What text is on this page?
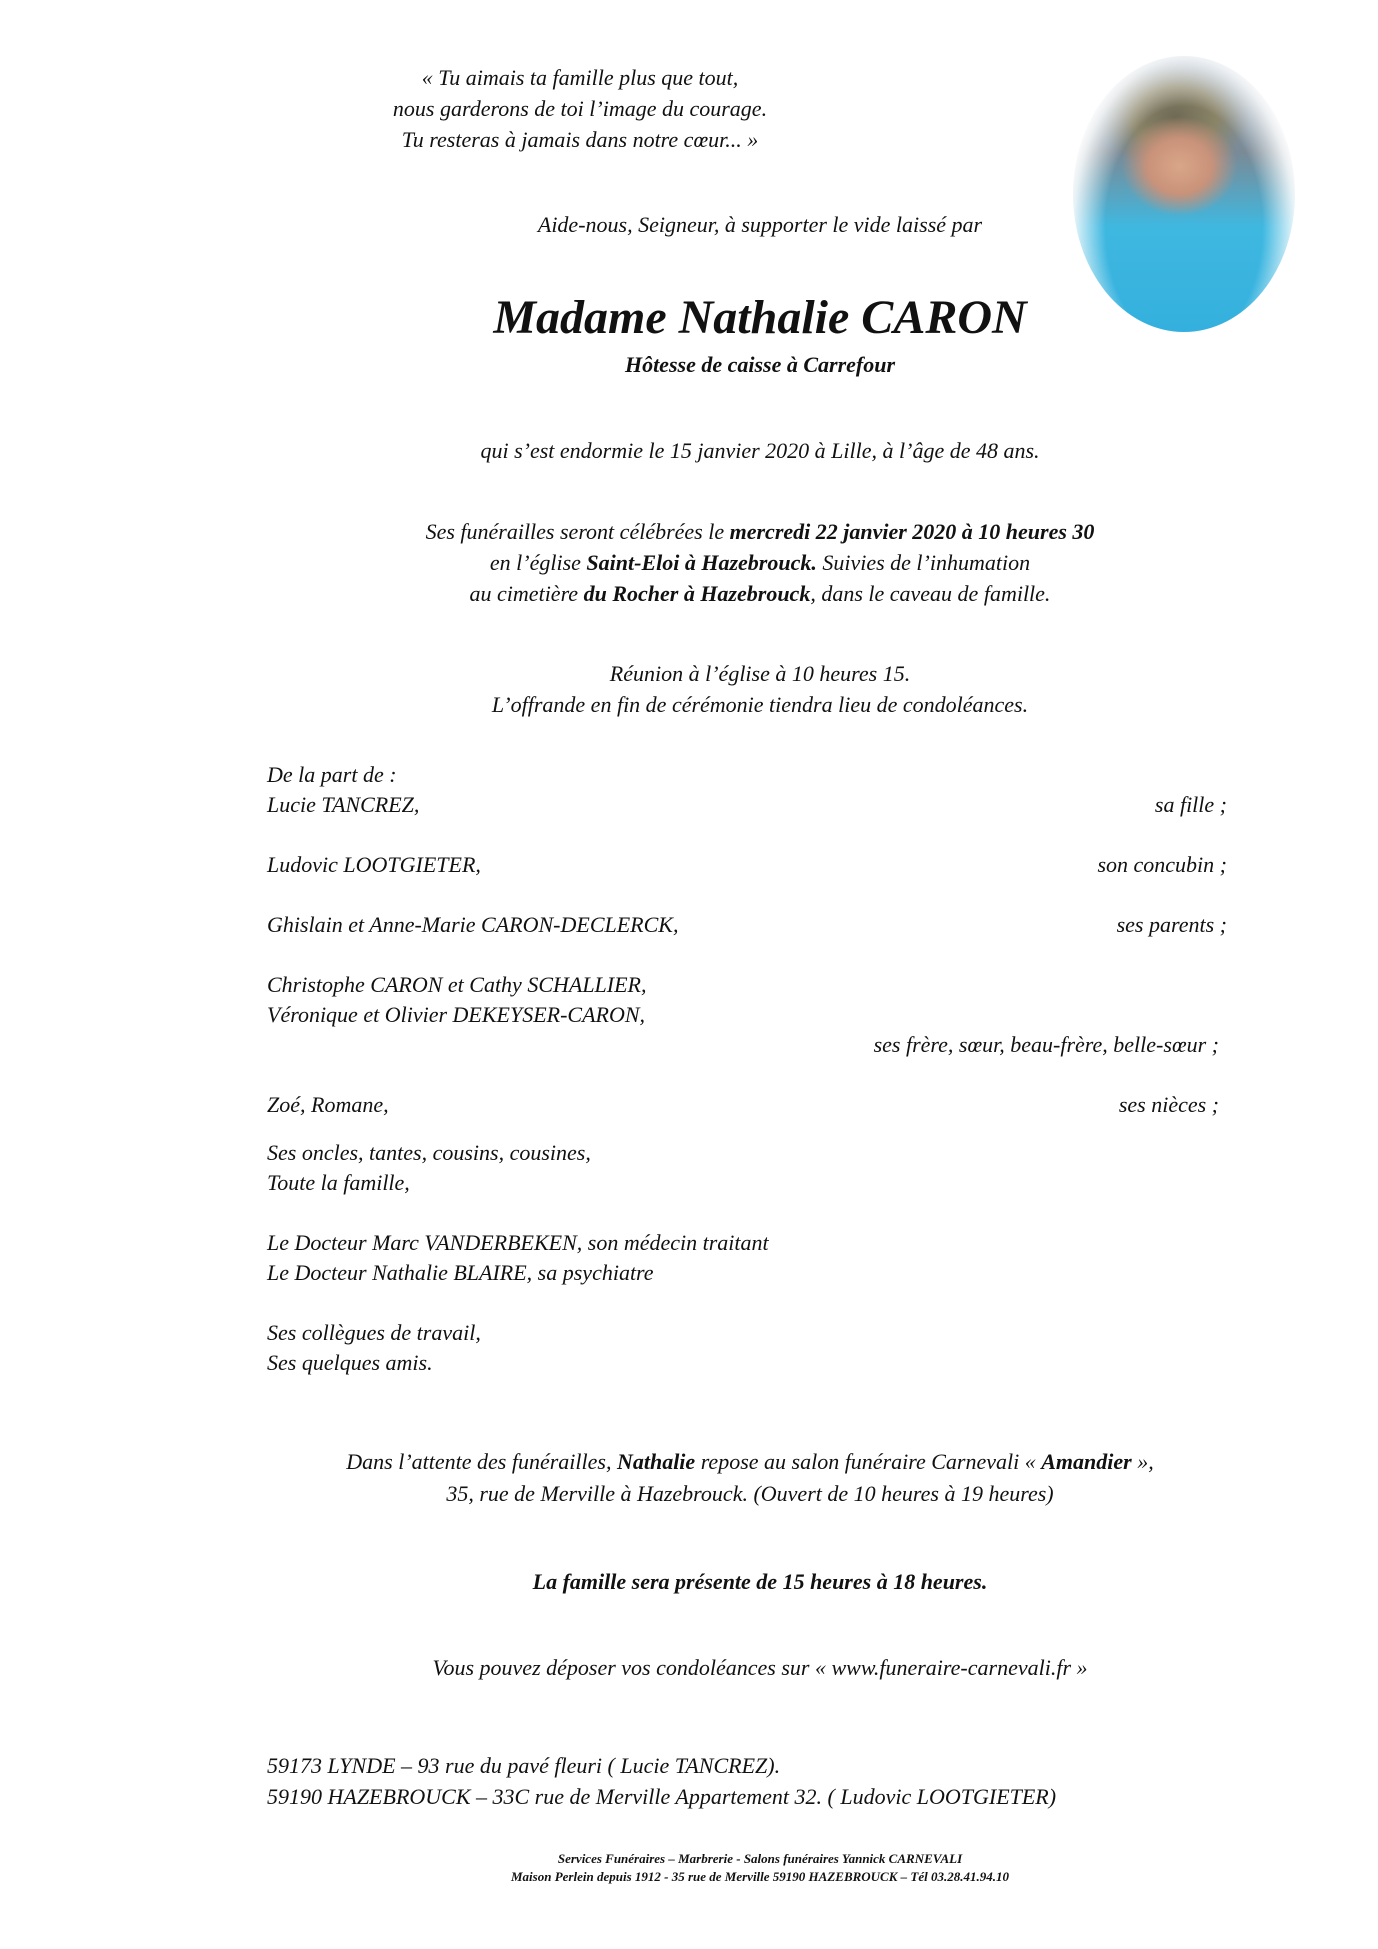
« Tu aimais ta famille plus que tout,
nous garderons de toi l’image du courage.
Tu resteras à jamais dans notre cœur... »
Aide-nous, Seigneur, à supporter le vide laissé par
Madame Nathalie CARON
Hôtesse de caisse à Carrefour
qui s’est endormie le 15 janvier 2020 à Lille, à l’âge de 48 ans.
Ses funérailles seront célébrées le mercredi 22 janvier 2020 à 10 heures 30
en l’église Saint-Eloi à Hazebrouck. Suivies de l’inhumation
au cimetière du Rocher à Hazebrouck, dans le caveau de famille.
Réunion à l’église à 10 heures 15.
L’offrande en fin de cérémonie tiendra lieu de condoléances.
De la part de :
Lucie TANCREZ,	sa fille ;
Ludovic LOOTGIETER,	son concubin ;
Ghislain et Anne-Marie CARON-DECLERCK,	ses parents ;
Christophe CARON et Cathy SCHALLIER,
Véronique et Olivier DEKEYSER-CARON,
ses frère, sœur, beau-frère, belle-sœur ;
Zoé, Romane,	ses nièces ;
Ses oncles, tantes, cousins, cousines,
Toute la famille,
Le Docteur Marc VANDERBEKEN, son médecin traitant
Le Docteur Nathalie BLAIRE, sa psychiatre
Ses collègues de travail,
Ses quelques amis.
Dans l’attente des funérailles, Nathalie repose au salon funéraire Carnevali « Amandier »,
35, rue de Merville à Hazebrouck. (Ouvert de 10 heures à 19 heures)
La famille sera présente de 15 heures à 18 heures.
Vous pouvez déposer vos condoléances sur « www.funeraire-carnevali.fr »
59173 LYNDE – 93 rue du pavé fleuri ( Lucie TANCREZ).
59190 HAZEBROUCK – 33C rue de Merville Appartement 32. ( Ludovic LOOTGIETER)
Services Funéraires – Marbrerie - Salons funéraires Yannick CARNEVALI
Maison Perlein depuis 1912 - 35 rue de Merville 59190 HAZEBROUCK – Tél 03.28.41.94.10
